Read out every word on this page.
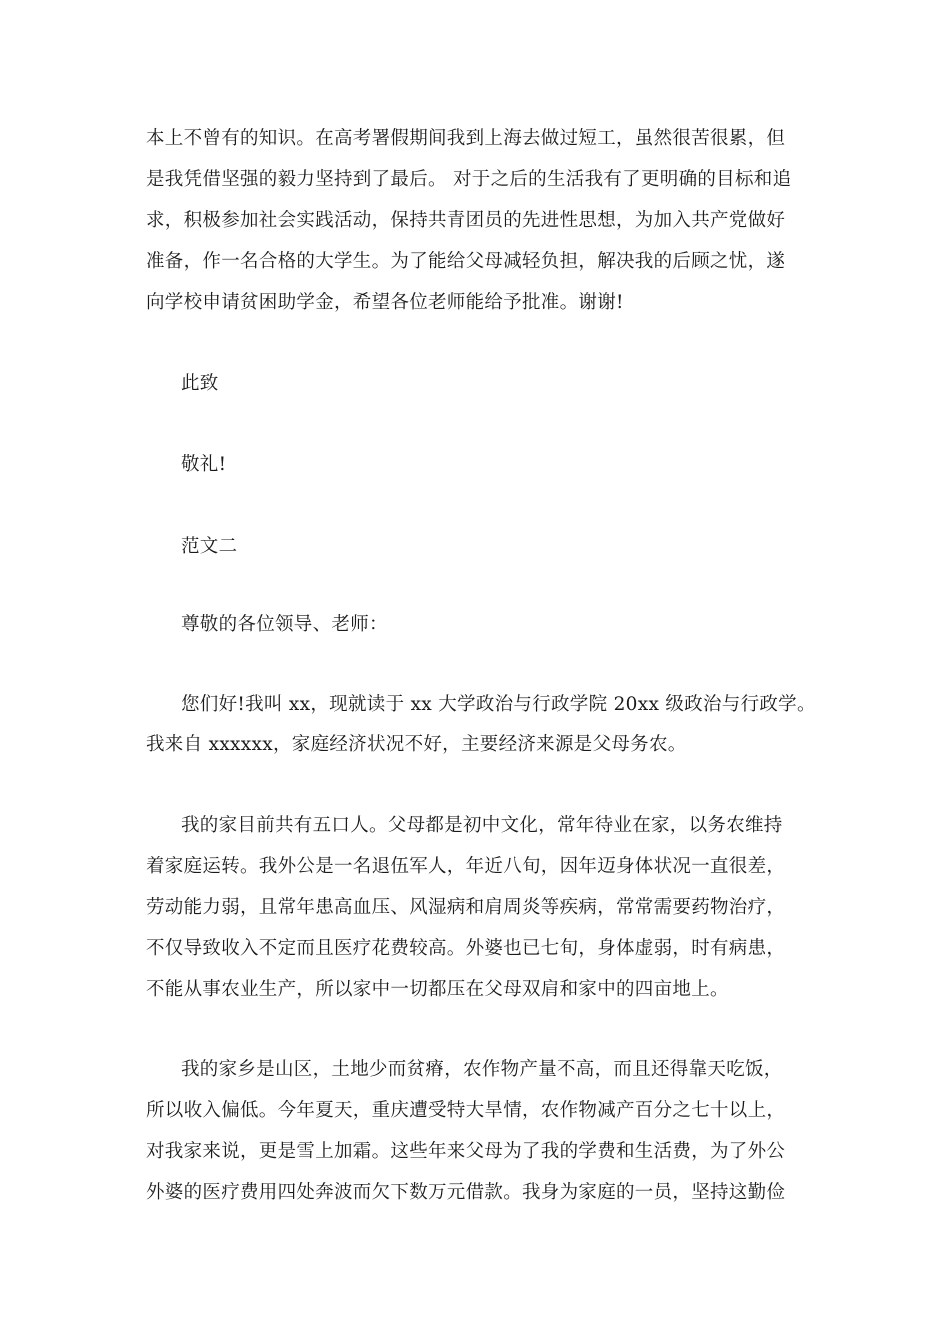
本上不曾有的知识。在高考署假期间我到上海去做过短工，虽然很苦很累，但
是我凭借坚强的毅力坚持到了最后。 对于之后的生活我有了更明确的目标和追
求，积极参加社会实践活动，保持共青团员的先进性思想，为加入共产党做好
准备，作一名合格的大学生。为了能给父母减轻负担，解决我的后顾之忧，遂
向学校申请贫困助学金，希望各位老师能给予批准。谢谢!
此致
敬礼!
范文二
尊敬的各位领导、老师：
您们好!我叫 xx，现就读于 xx 大学政治与行政学院 20xx 级政治与行政学。
我来自 xxxxxx，家庭经济状况不好，主要经济来源是父母务农。
我的家目前共有五口人。父母都是初中文化，常年待业在家，以务农维持
着家庭运转。我外公是一名退伍军人，年近八旬，因年迈身体状况一直很差，
劳动能力弱，且常年患高血压、风湿病和肩周炎等疾病，常常需要药物治疗，
不仅导致收入不定而且医疗花费较高。外婆也已七旬，身体虚弱，时有病患，
不能从事农业生产，所以家中一切都压在父母双肩和家中的四亩地上。
我的家乡是山区，土地少而贫瘠，农作物产量不高，而且还得靠天吃饭，
所以收入偏低。今年夏天，重庆遭受特大旱情，农作物减产百分之七十以上，
对我家来说，更是雪上加霜。这些年来父母为了我的学费和生活费，为了外公
外婆的医疗费用四处奔波而欠下数万元借款。我身为家庭的一员，坚持这勤俭
